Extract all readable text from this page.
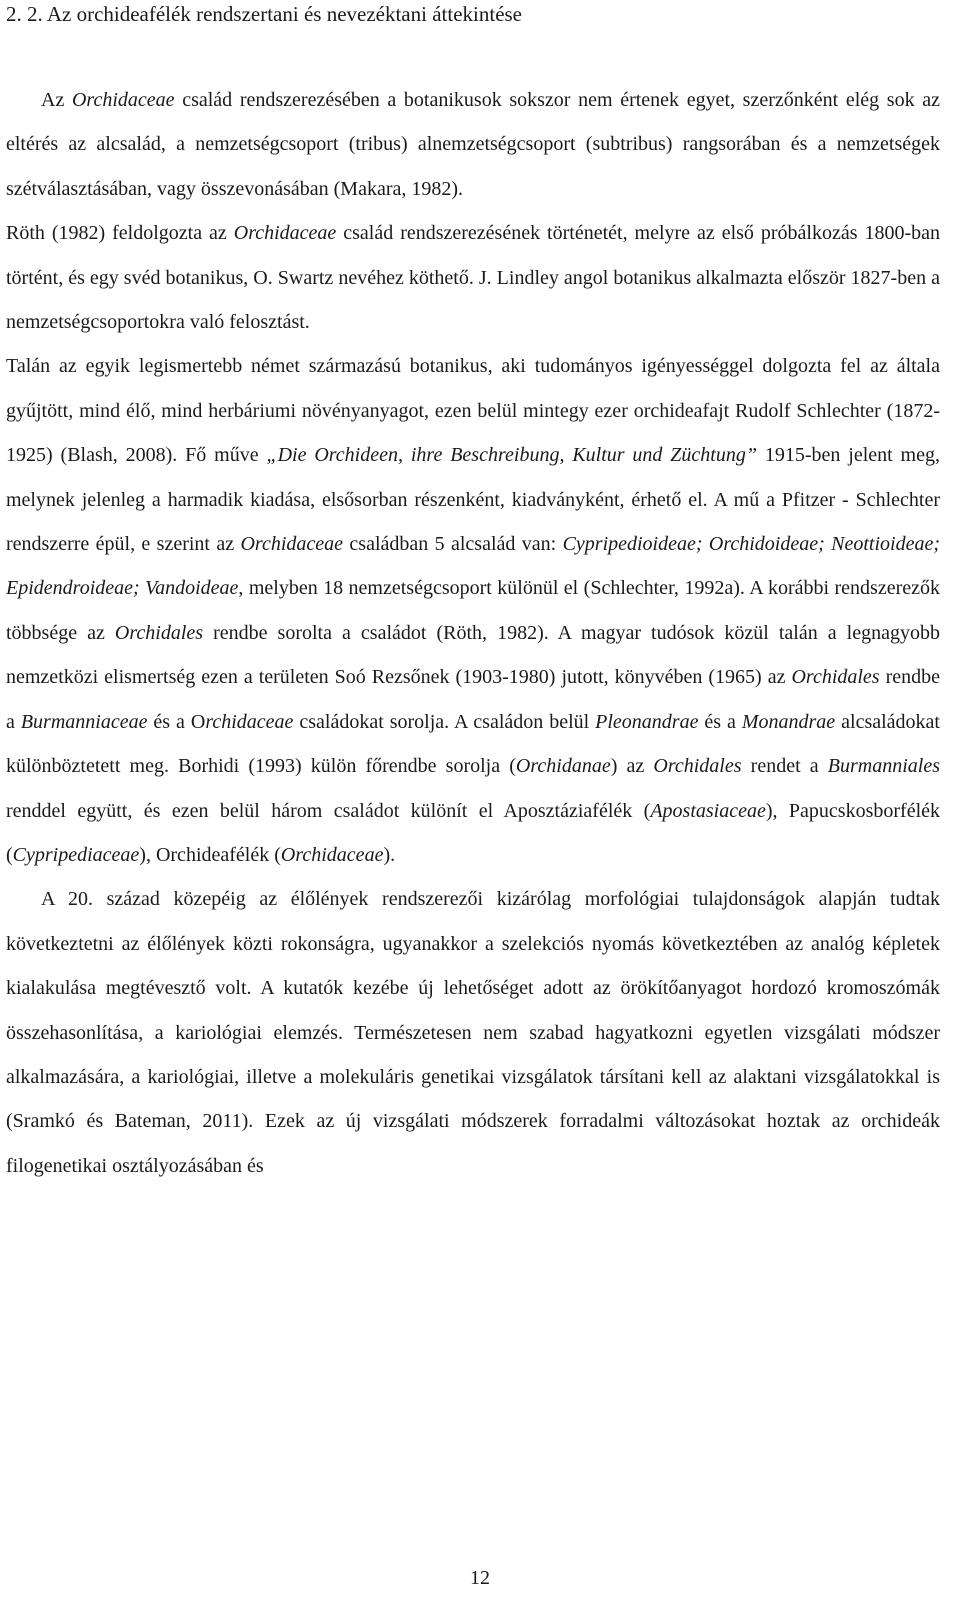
2. 2. Az orchideafélék rendszertani és nevezéktani áttekintése

Az Orchidaceae család rendszerezésében a botanikusok sokszor nem értenek egyet, szerzőnként elég sok az eltérés az alcsalád, a nemzetségcsoport (tribus) alnemzetségcsoport (subtribus) rangsorában és a nemzetségek szétválasztásában, vagy összevonásában (Makara, 1982).

Röth (1982) feldolgozta az Orchidaceae család rendszerezésének történetét, melyre az első próbálkozás 1800-ban történt, és egy svéd botanikus, O. Swartz nevéhez köthető. J. Lindley angol botanikus alkalmazta először 1827-ben a nemzetségcsoportokra való felosztást.

Talán az egyik legismertebb német származású botanikus, aki tudományos igényességgel dolgozta fel az általa gyűjtött, mind élő, mind herbáriumi növényanyagot, ezen belül mintegy ezer orchideafajt Rudolf Schlechter (1872-1925) (Blash, 2008). Fő műve „Die Orchideen, ihre Beschreibung, Kultur und Züchtung” 1915-ben jelent meg, melynek jelenleg a harmadik kiadása, elsősorban részenként, kiadványként, érhető el. A mű a Pfitzer - Schlechter rendszerre épül, e szerint az Orchidaceae családban 5 alcsalád van: Cypripedioideae; Orchidoideae; Neottioideae; Epidendroideae; Vandoideae, melyben 18 nemzetségcsoport különül el (Schlechter, 1992a). A korábbi rendszerezők többsége az Orchidales rendbe sorolta a családot (Röth, 1982). A magyar tudósok közül talán a legnagyobb nemzetközi elismertség ezen a területen Soó Rezsőnek (1903-1980) jutott, könyvében (1965) az Orchidales rendbe a Burmanniaceae és a Orchidaceae családokat sorolja. A családon belül Pleonandrae és a Monandrae alcsaládokat különböztetett meg. Borhidi (1993) külön főrendbe sorolja (Orchidanae) az Orchidales rendet a Burmanniales renddel együtt, és ezen belül három családot különít el Aposztáziafélék (Apostasiaceae), Papucskosborfélék (Cypripediaceae), Orchideafélék (Orchidaceae).

A 20. század közepéig az élőlények rendszerezői kizárólag morfológiai tulajdonságok alapján tudtak következtetni az élőlények közti rokonságra, ugyanakkor a szelekciós nyomás következtében az analóg képletek kialakulása megtévesztő volt. A kutatók kezébe új lehetőséget adott az örökítőanyagot hordozó kromoszómák összehasonlítása, a kariológiai elemzés. Természetesen nem szabad hagyatkozni egyetlen vizsgálati módszer alkalmazására, a kariológiai, illetve a molekuláris genetikai vizsgálatok társítani kell az alaktani vizsgálatokkal is (Sramkó és Bateman, 2011). Ezek az új vizsgálati módszerek forradalmi változásokat hoztak az orchideák filogenetikai osztályozásában és

12
